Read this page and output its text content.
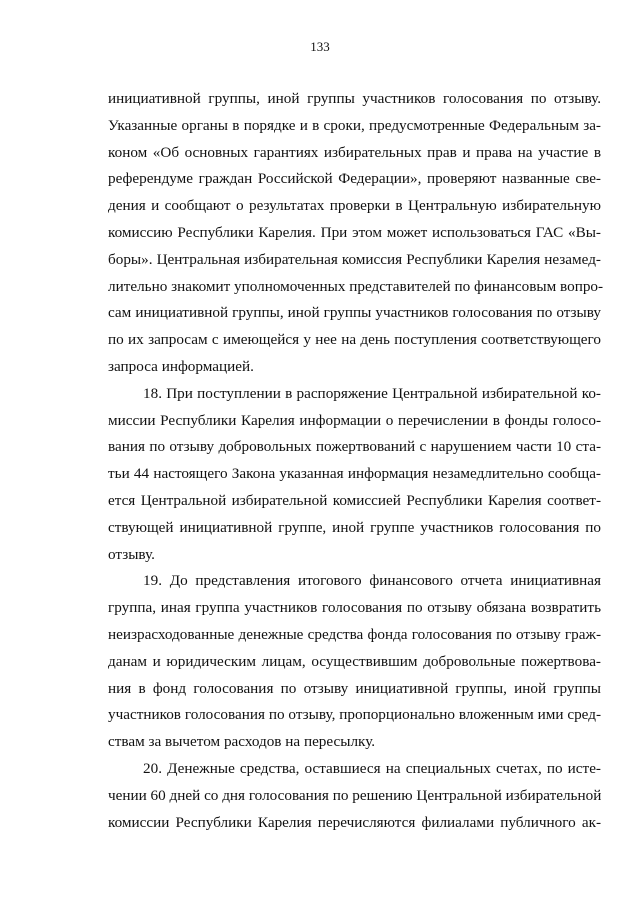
133
инициативной группы, иной группы участников голосования по отзыву.
Указанные органы в порядке и в сроки, предусмотренные Федеральным за-
коном «Об основных гарантиях избирательных прав и права на участие в
референдуме граждан Российской Федерации», проверяют названные све-
дения и сообщают о результатах проверки в Центральную избирательную
комиссию Республики Карелия. При этом может использоваться ГАС «Вы-
боры». Центральная избирательная комиссия Республики Карелия незамед-
лительно знакомит уполномоченных представителей по финансовым вопро-
сам инициативной группы, иной группы участников голосования по отзыву
по их запросам с имеющейся у нее на день поступления соответствующего
запроса информацией.
18. При поступлении в распоряжение Центральной избирательной ко-
миссии Республики Карелия информации о перечислении в фонды голосо-
вания по отзыву добровольных пожертвований с нарушением части 10 ста-
тьи 44 настоящего Закона указанная информация незамедлительно сообща-
ется Центральной избирательной комиссией Республики Карелия соответ-
ствующей инициативной группе, иной группе участников голосования по
отзыву.
19. До представления итогового финансового отчета инициативная
группа, иная группа участников голосования по отзыву обязана возвратить
неизрасходованные денежные средства фонда голосования по отзыву граж-
данам и юридическим лицам, осуществившим добровольные пожертвова-
ния в фонд голосования по отзыву инициативной группы, иной группы
участников голосования по отзыву, пропорционально вложенным ими сред-
ствам за вычетом расходов на пересылку.
20. Денежные средства, оставшиеся на специальных счетах, по исте-
чении 60 дней со дня голосования по решению Центральной избирательной
комиссии Республики Карелия перечисляются филиалами публичного ак-
